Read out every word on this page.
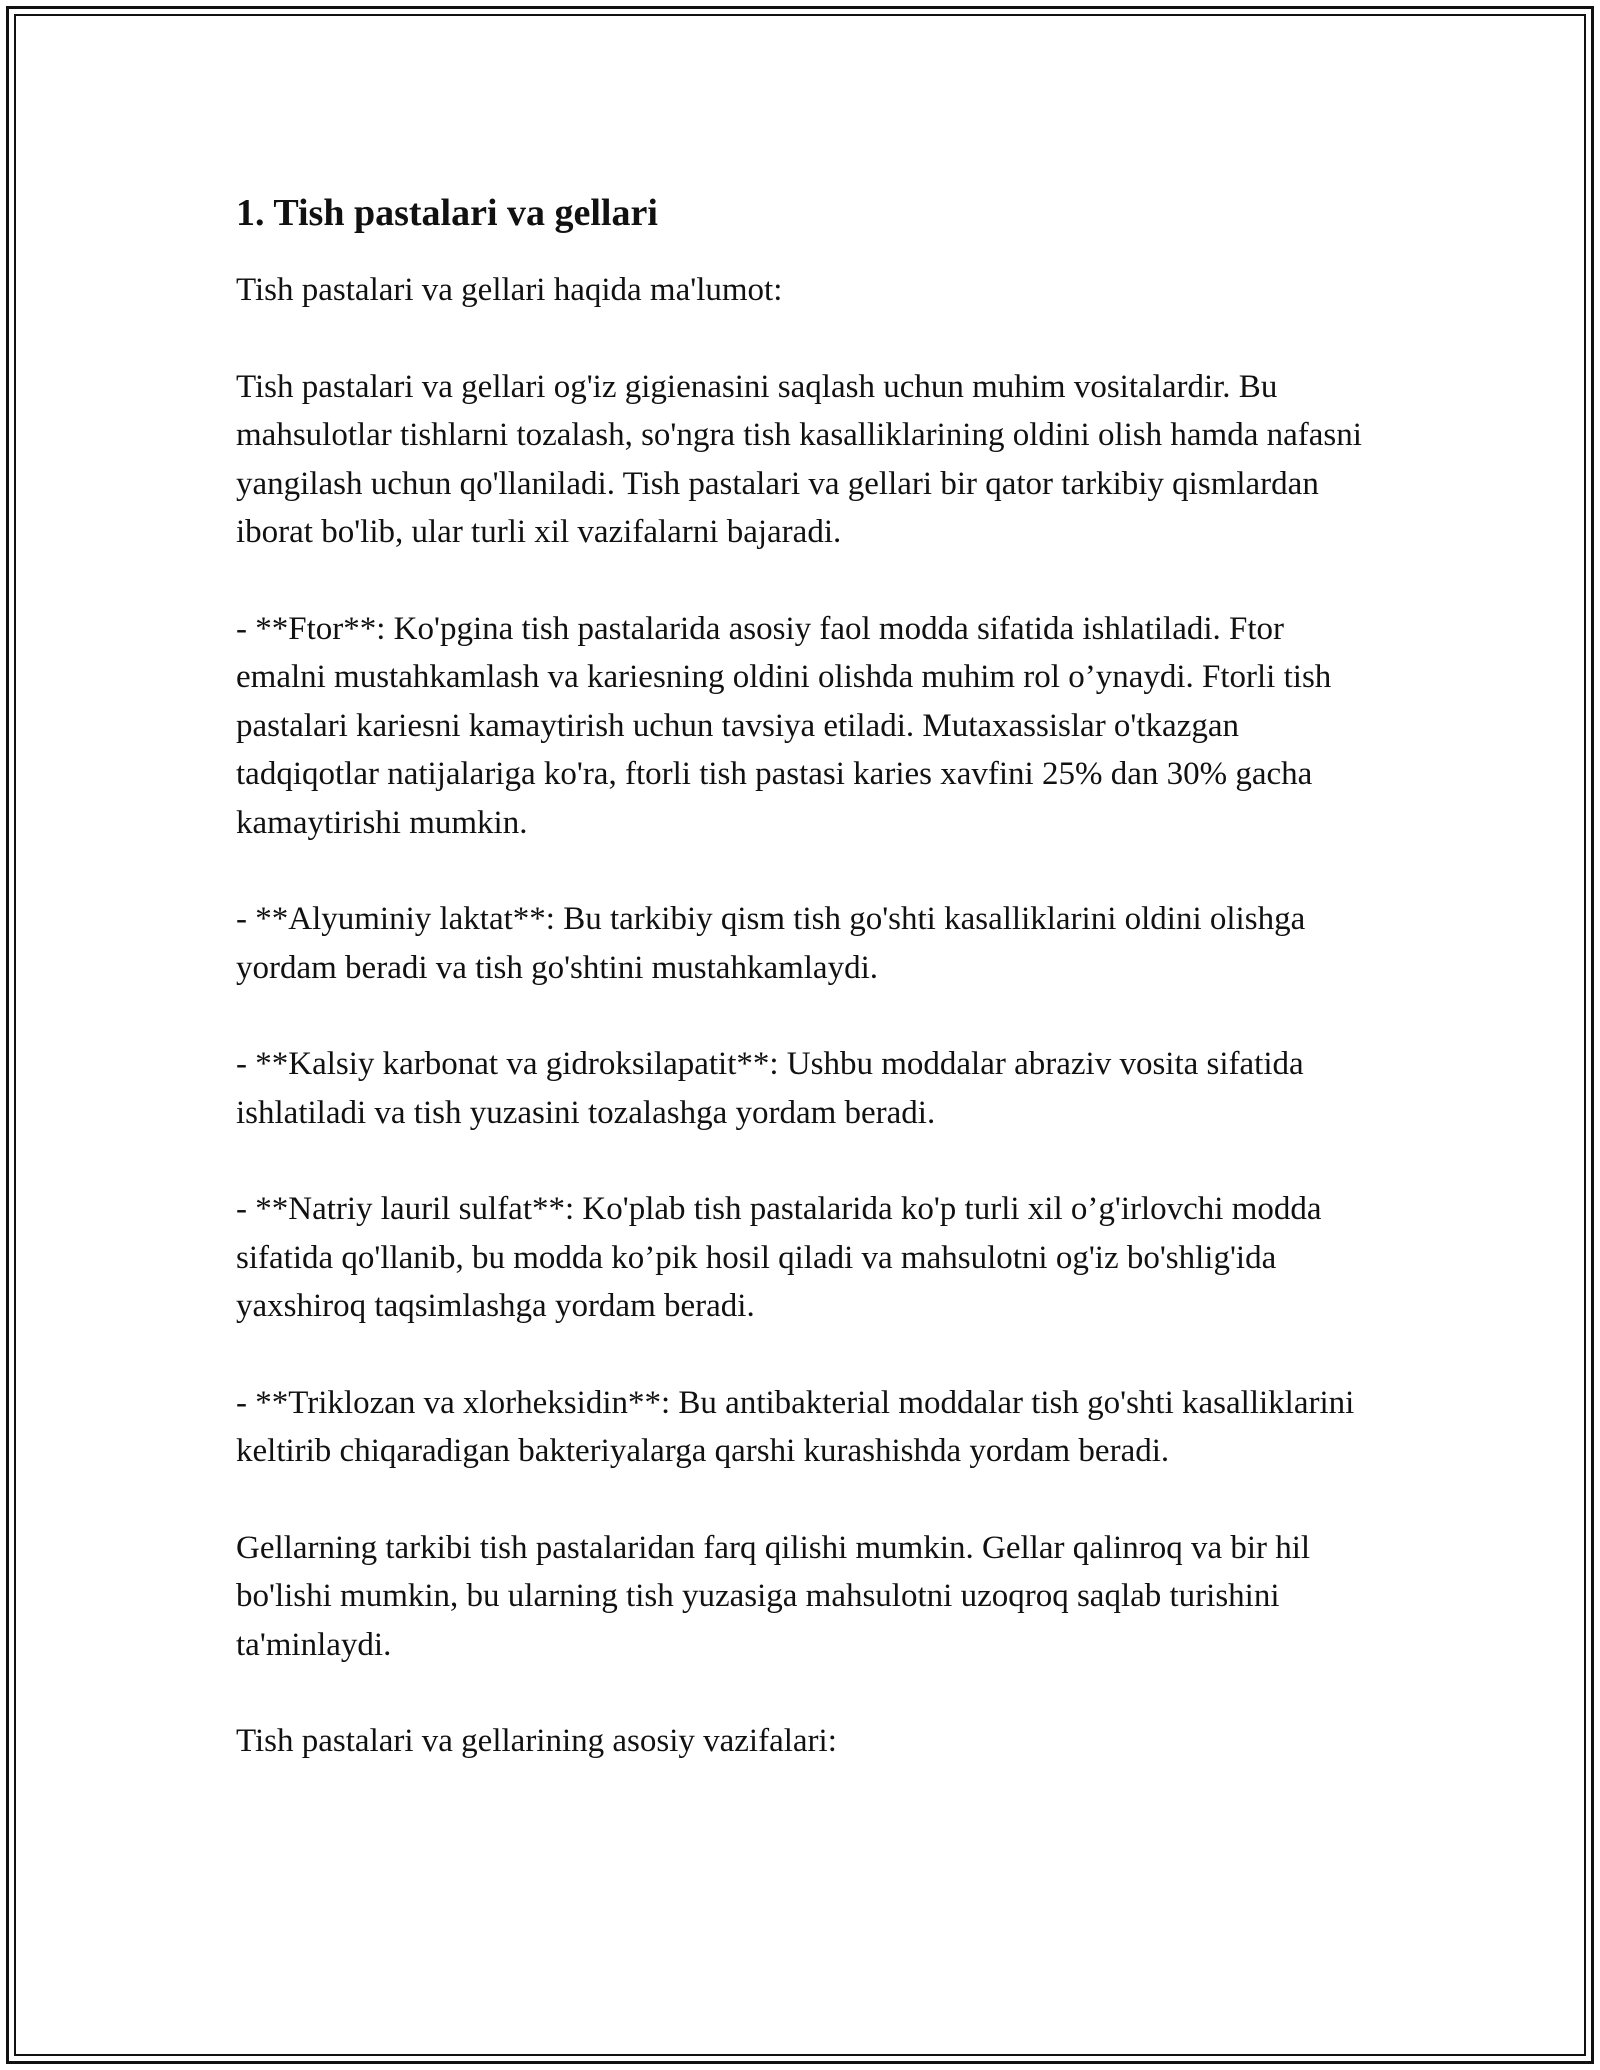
1. Tish pastalari va gellari

Tish pastalari va gellari haqida ma'lumot:

Tish pastalari va gellari og'iz gigienasini saqlash uchun muhim vositalardir. Bu mahsulotlar tishlarni tozalash, so'ngra tish kasalliklarining oldini olish hamda nafasni yangilash uchun qo'llaniladi. Tish pastalari va gellari bir qator tarkibiy qismlardan iborat bo'lib, ular turli xil vazifalarni bajaradi.

- **Ftor**: Ko'pgina tish pastalarida asosiy faol modda sifatida ishlatiladi. Ftor emalni mustahkamlash va kariesning oldini olishda muhim rol o’ynaydi. Ftorli tish pastalari kariesni kamaytirish uchun tavsiya etiladi. Mutaxassislar o'tkazgan tadqiqotlar natijalariga ko'ra, ftorli tish pastasi karies xavfini 25% dan 30% gacha kamaytirishi mumkin.

- **Alyuminiy laktat**: Bu tarkibiy qism tish go'shti kasalliklarini oldini olishga yordam beradi va tish go'shtini mustahkamlaydi.

- **Kalsiy karbonat va gidroksilapatit**: Ushbu moddalar abraziv vosita sifatida ishlatiladi va tish yuzasini tozalashga yordam beradi.

- **Natriy lauril sulfat**: Ko'plab tish pastalarida ko'p turli xil o’g'irlovchi modda sifatida qo'llanib, bu modda ko’pik hosil qiladi va mahsulotni og'iz bo'shlig'ida yaxshiroq taqsimlashga yordam beradi.

- **Triklozan va xlorheksidin**: Bu antibakterial moddalar tish go'shti kasalliklarini keltirib chiqaradigan bakteriyalarga qarshi kurashishda yordam beradi.

Gellarning tarkibi tish pastalaridan farq qilishi mumkin. Gellar qalinroq va bir hil bo'lishi mumkin, bu ularning tish yuzasiga mahsulotni uzoqroq saqlab turishini ta'minlaydi.

Tish pastalari va gellarining asosiy vazifalari:
